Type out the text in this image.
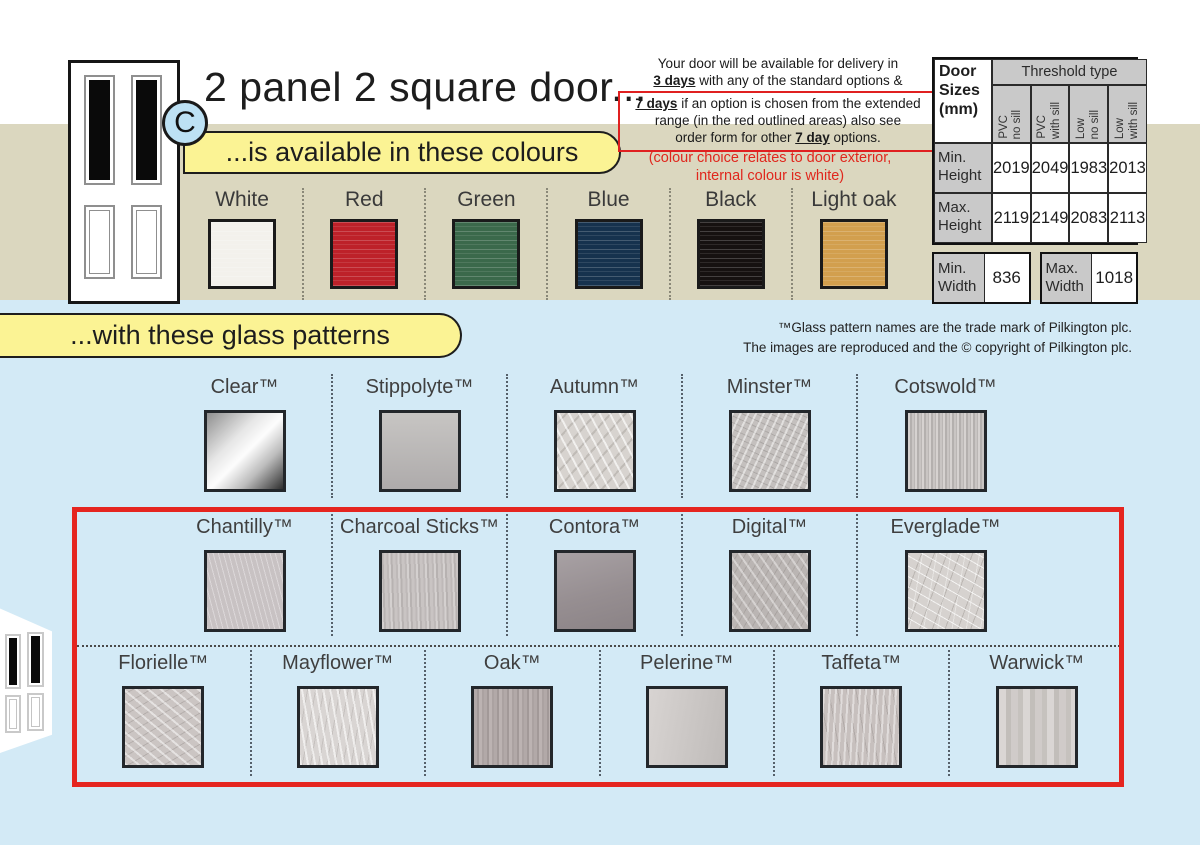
C
2 panel 2 square door...
...is available in these colours
Your door will be available for delivery in
3 days with any of the standard options &
7 days if an option is chosen from the extended
range (in the red outlined areas) also see
order form for other 7 day options.
(colour choice relates to door exterior,
internal colour is white)
Door Sizes (mm)
Threshold type
PVC no sill PVC with sill Low no sill Low with sill
Min. Height 2019 2049 1983 2013
Max. Height 2119 2149 2083 2113
Min. Width 836	Max. Width 1018
White	Red	Green	Blue	Black	Light oak
...with these glass patterns	™Glass pattern names are the trade mark of Pilkington plc.
The images are reproduced and the © copyright of Pilkington plc.
Clear™	Stippolyte™	Autumn™	Minster™	Cotswold™
Chantilly™	Charcoal Sticks™	Contora™	Digital™	Everglade™
Florielle™	Mayflower™	Oak™	Pelerine™	Taffeta™	Warwick™
